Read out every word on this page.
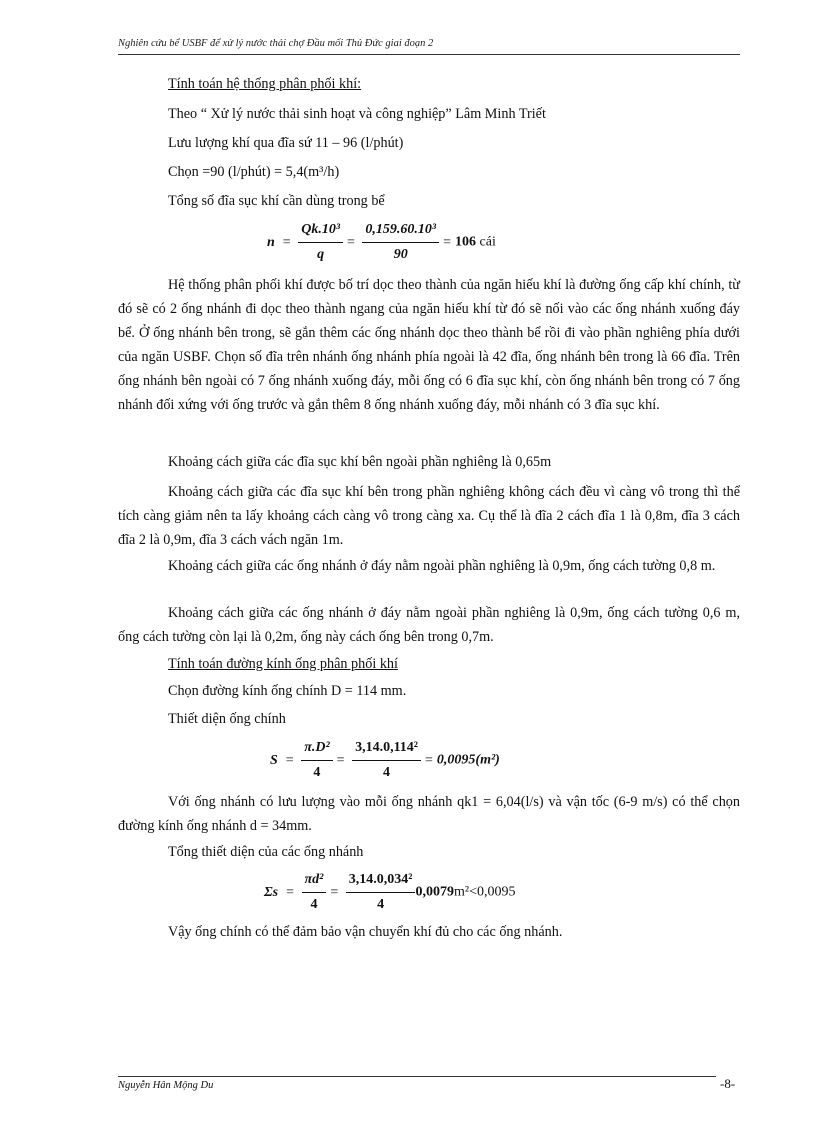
Nghiên cứu bể USBF để xử lý nước thải chợ Đầu mối Thủ Đức giai đoạn 2
Tính toán hệ thống phân phối khí:
Theo “ Xử lý nước thải sinh hoạt và công nghiệp” Lâm Minh Triết
Lưu lượng khí qua đĩa sứ 11 – 96 (l/phút)
Chọn =90 (l/phút) = 5,4(m³/h)
Tổng số đĩa sục khí cần dùng trong bể
$n = \frac{\text{Qk.10³}}{q} = \frac{\text{0,159.60.10³}}{90} = 106$ cái

Hệ thống phân phối khí được bố trí dọc theo thành của ngăn hiếu khí là đường ống cấp khí chính, từ đó sẽ có 2 ống nhánh đi dọc theo thành ngang của ngăn hiếu khí từ đó sẽ nối vào các ống nhánh xuống đáy bể. Ở ống nhánh bên trong, sẽ gắn thêm các ống nhánh dọc theo thành bể rồi đi vào phần nghiêng phía dưới của ngăn USBF. Chọn số đĩa trên nhánh ống nhánh phía ngoài là 42 đĩa, ống nhánh bên trong là 66 đĩa. Trên ống nhánh bên ngoài có 7 ống nhánh xuống đáy, mỗi ống có 6 đĩa sục khí, còn ống nhánh bên trong có 7 ống nhánh đối xứng với ống trước và gắn thêm 8 ống nhánh xuống đáy, mỗi nhánh có 3 đĩa sục khí.

Khoảng cách giữa các đĩa sục khí bên ngoài phần nghiêng là 0,65m

Khoảng cách giữa các đĩa sục khí bên trong phần nghiêng không cách đều vì càng vô trong thì thể tích càng giảm nên ta lấy khoảng cách càng vô trong càng xa. Cụ thể là đĩa 2 cách đĩa 1 là 0,8m, đĩa 3 cách đĩa 2 là 0,9m, đĩa 3 cách vách ngăn 1m.

Khoảng cách giữa các ống nhánh ở đáy nằm ngoài phần nghiêng là 0,9m, ống cách tường 0,8 m.

Khoảng cách giữa các ống nhánh ở đáy nằm ngoài phần nghiêng là 0,9m, ống cách tường 0,6 m, ống cách tường còn lại là 0,2m, ống này cách ống bên trong 0,7m.

Tính toán đường kính ống phân phối khí
Chọn đường kính ống chính D = 114 mm.
Thiết diện ống chính
$S = \frac{\text{π.D²}}{4} = \frac{\text{3,14.0,114²}}{4} = 0,0095(m^2)$

Với ống nhánh có lưu lượng vào mỗi ống nhánh qk1 = 6,04(l/s) và vận tốc (6-9 m/s) có thể chọn đường kính ống nhánh d = 34mm.

Tổng thiết diện của các ống nhánh
$\Sigma s = \frac{\text{πd²}}{4} = \frac{\text{3,14.0,034²}}{4} 0,0079m^2<0,0095$
Vậy ống chính có thể đảm bảo vận chuyển khí đủ cho các ống nhánh.
Nguyễn Hân Mộng Du	-8-
